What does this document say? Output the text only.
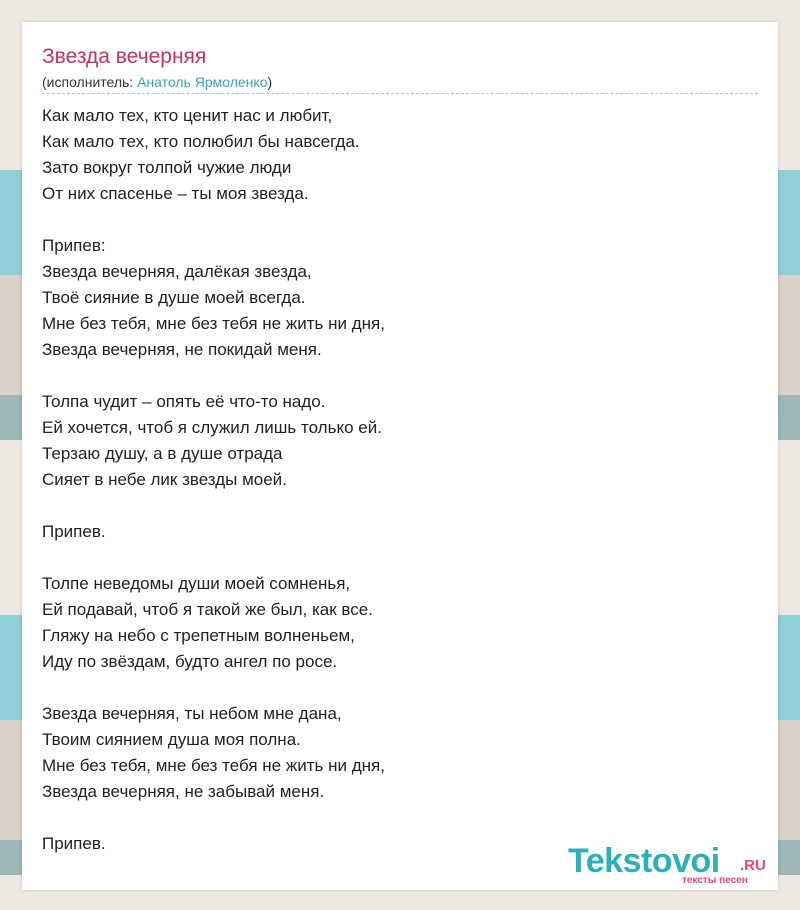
Звезда вечерняя
(исполнитель: Анатоль Ярмоленко)
Как мало тех, кто ценит нас и любит,
Как мало тех, кто полюбил бы навсегда.
Зато вокруг толпой чужие люди
От них спасенье – ты моя звезда.
Припев:
Звезда вечерняя, далёкая звезда,
Твоё сияние в душе моей всегда.
Мне без тебя, мне без тебя не жить ни дня,
Звезда вечерняя, не покидай меня.
Толпа чудит – опять её что-то надо.
Ей хочется, чтоб я служил лишь только ей.
Терзаю душу, а в душе отрада
Сияет в небе лик звезды моей.
Припев.
Толпе неведомы души моей сомненья,
Ей подавай, чтоб я такой же был, как все.
Гляжу на небо с трепетным волненьем,
Иду по звёздам, будто ангел по росе.
Звезда вечерняя, ты небом мне дана,
Твоим сиянием душа моя полна.
Мне без тебя, мне без тебя не жить ни дня,
Звезда вечерняя, не забывай меня.
Припев.	Tekstovoi .RU
тексты песен
